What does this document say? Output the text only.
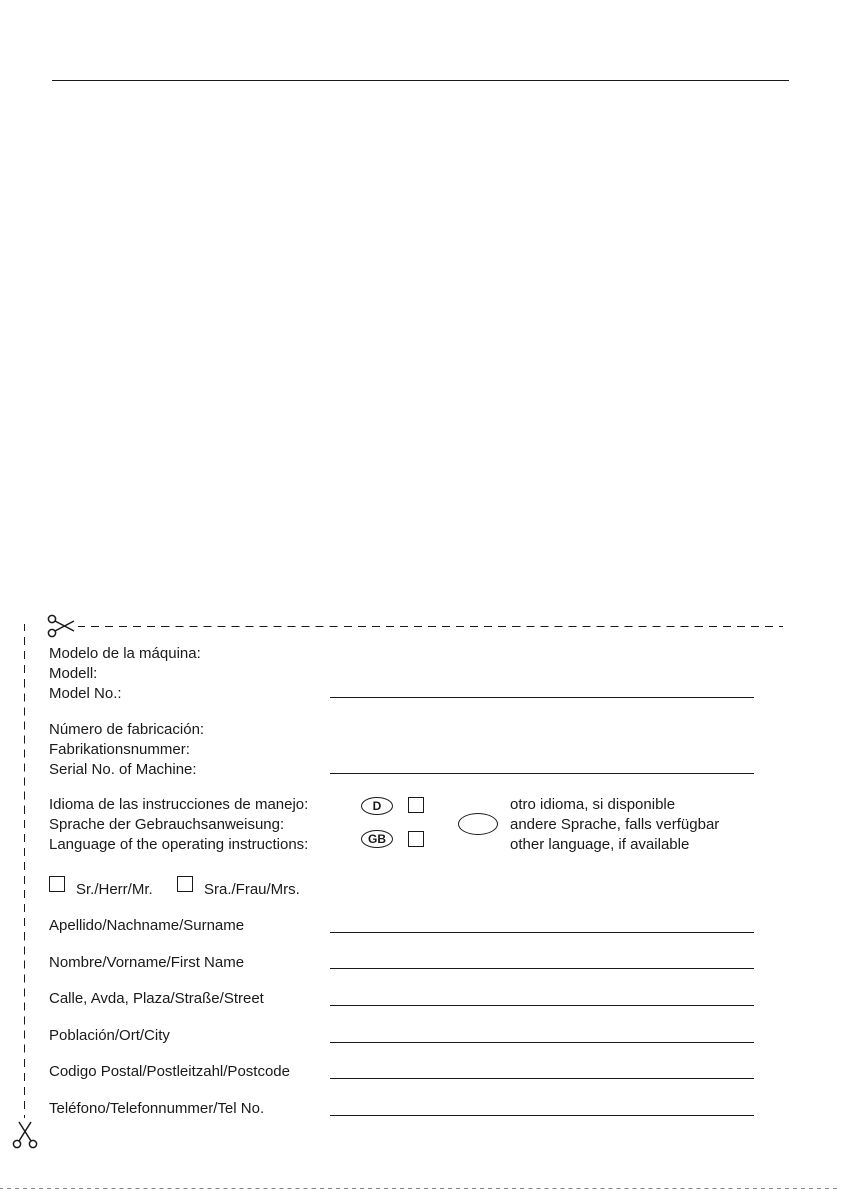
Modelo de la máquina:
Modell:
Model No.:
Número de fabricación:
Fabrikationsnummer:
Serial No. of Machine:
Idioma de las instrucciones de manejo:
Sprache der Gebrauchsanweisung:
Language of the operating instructions:
D
GB
otro idioma, si disponible
andere Sprache, falls verfügbar
other language, if available
Sr./Herr/Mr.	Sra./Frau/Mrs.
Apellido/Nachname/Surname
Nombre/Vorname/First Name
Calle, Avda, Plaza/Straße/Street
Población/Ort/City
Codigo Postal/Postleitzahl/Postcode
Teléfono/Telefonnummer/Tel No.
